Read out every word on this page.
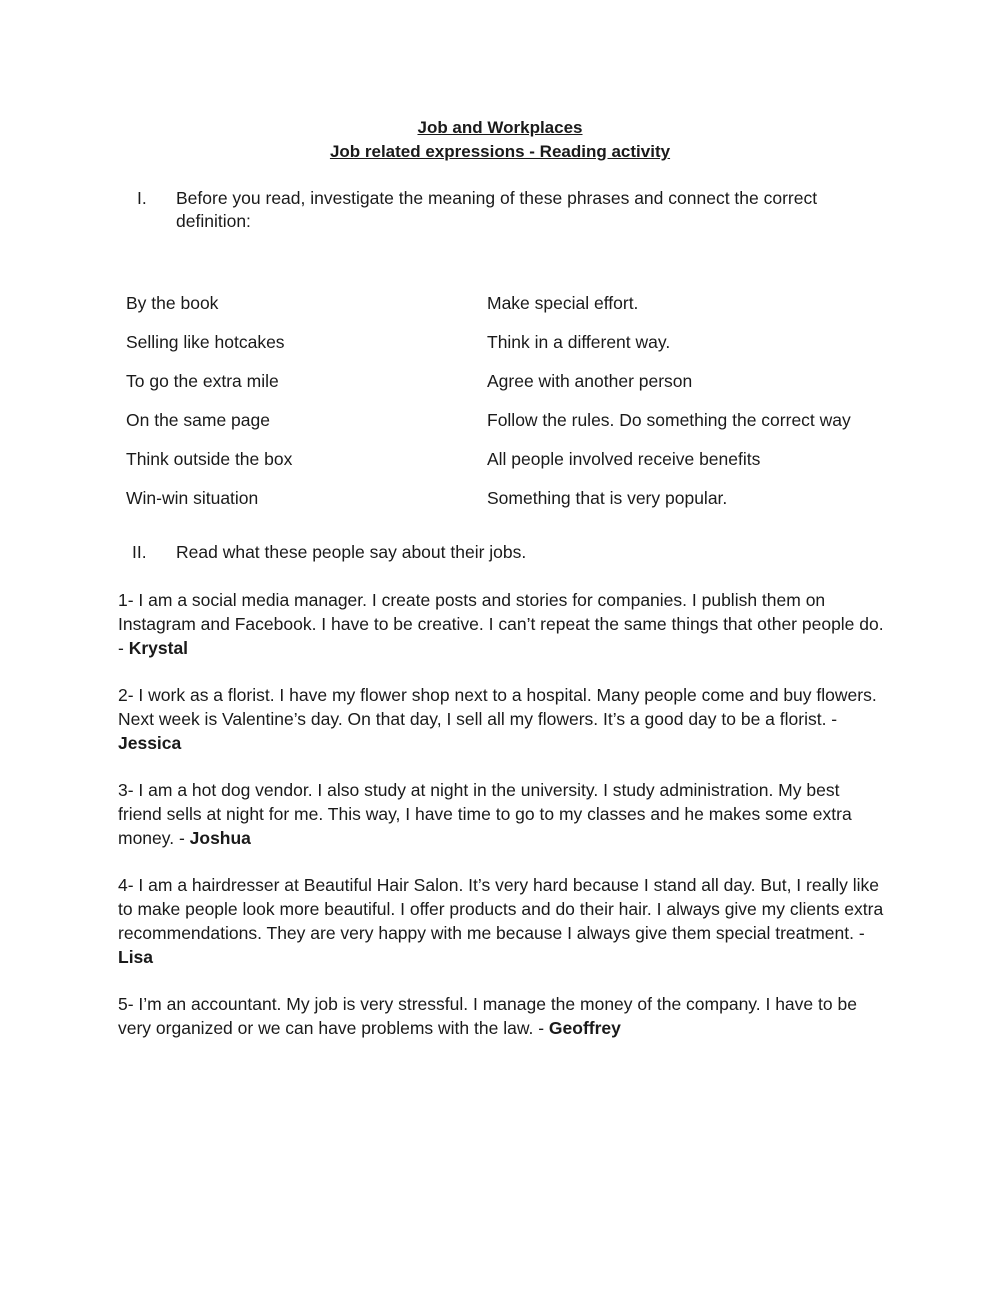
Job and Workplaces
Job related expressions - Reading activity
I. Before you read, investigate the meaning of these phrases and connect the correct
definition:
By the book	Make special effort.
Selling like hotcakes	Think in a different way.
To go the extra mile	Agree with another person
On the same page	Follow the rules. Do something the correct way
Think outside the box	All people involved receive benefits
Win-win situation	Something that is very popular.
II. Read what these people say about their jobs.

1- I am a social media manager. I create posts and stories for companies. I publish them on Instagram and Facebook. I have to be creative. I can’t repeat the same things that other people do. - Krystal

2- I work as a florist. I have my flower shop next to a hospital. Many people come and buy flowers. Next week is Valentine’s day. On that day, I sell all my flowers. It’s a good day to be a florist. - Jessica

3- I am a hot dog vendor. I also study at night in the university. I study administration. My best friend sells at night for me. This way, I have time to go to my classes and he makes some extra money. - Joshua

4- I am a hairdresser at Beautiful Hair Salon. It’s very hard because I stand all day. But, I really like to make people look more beautiful. I offer products and do their hair. I always give my clients extra recommendations. They are very happy with me because I always give them special treatment. - Lisa

5- I’m an accountant. My job is very stressful. I manage the money of the company. I have to be very organized or we can have problems with the law. - Geoffrey
